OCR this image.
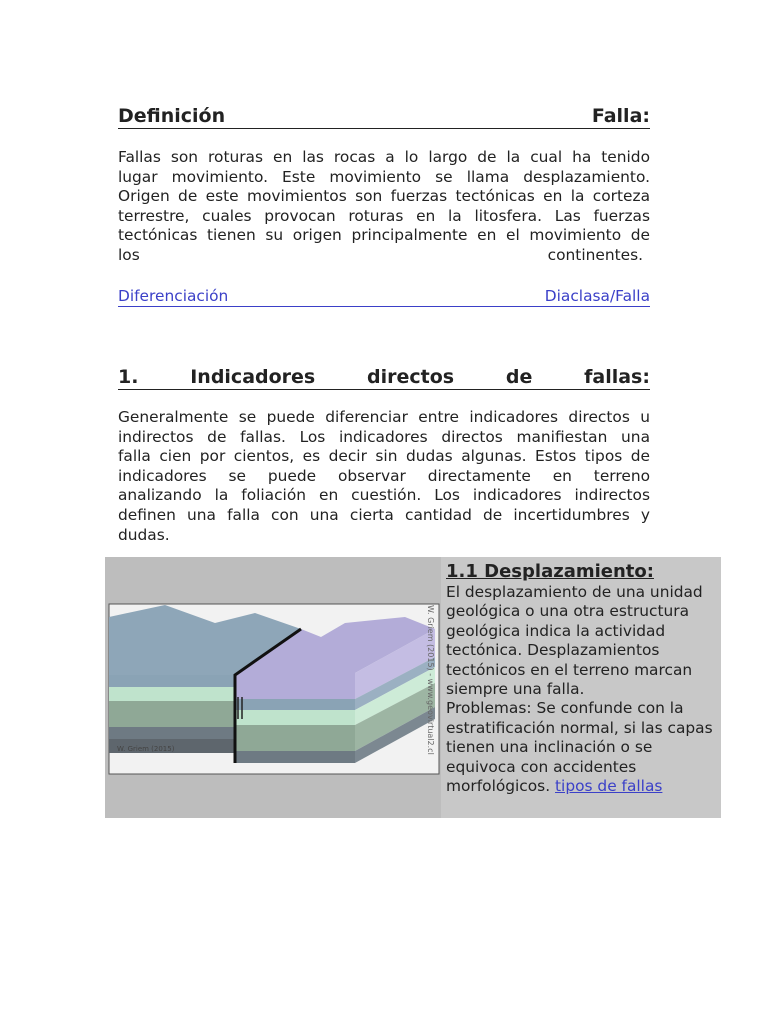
Definición	Falla:
Fallas son roturas en las rocas a lo largo de la cual ha tenido
lugar movimiento. Este movimiento se llama desplazamiento.
Origen de este movimientos son fuerzas tectónicas en la corteza
terrestre, cuales provocan roturas en la litosfera. Las fuerzas
tectónicas tienen su origen principalmente en el movimiento de
los continentes.
Diferenciación	Diaclasa/Falla
1.	Indicadores	directos	de	fallas:
Generalmente se puede diferenciar entre indicadores directos u
indirectos de fallas. Los indicadores directos manifiestan una
falla cien por cientos, es decir sin dudas algunas. Estos tipos de
indicadores se puede observar directamente en terreno
analizando la foliación en cuestión. Los indicadores indirectos
definen una falla con una cierta cantidad de incertidumbres y
dudas.
W. Griem (2015) - www.geovirtual2.cl
W. Griem (2015)
1.1 Desplazamiento:
El desplazamiento de una unidad geológica o una otra estructura geológica indica la actividad tectónica. Desplazamientos tectónicos en el terreno marcan siempre una falla.
Problemas: Se confunde con la estratificación normal, si las capas tienen una inclinación o se equivoca con accidentes morfológicos. tipos de fallas
